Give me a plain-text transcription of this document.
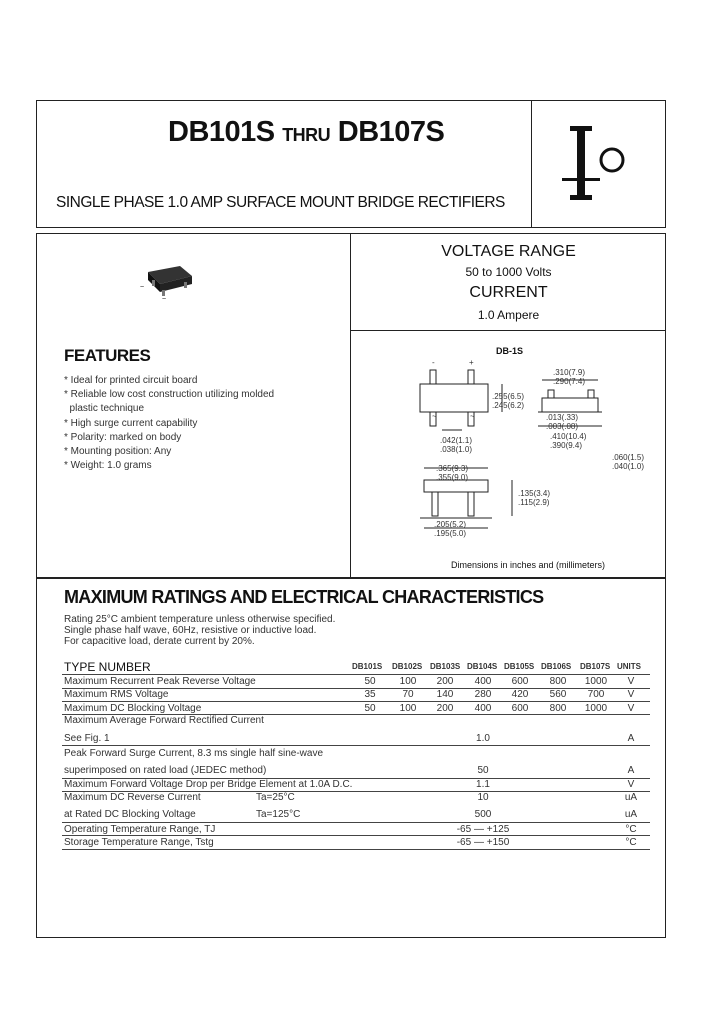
DB101S THRU DB107S
SINGLE PHASE 1.0 AMP SURFACE MOUNT BRIDGE RECTIFIERS
VOLTAGE RANGE
50 to 1000 Volts
CURRENT
1.0 Ampere
~
~
FEATURES
* Ideal for printed circuit board
* Reliable low cost construction utilizing molded
plastic technique
* High surge current capability
* Polarity: marked on body
* Mounting position: Any
* Weight: 1.0 grams
DB-1S
+
-
~	~
.310(7.9)
.290(7.4)
.255(6.5)
.245(6.2)
.013(.33)
.003(.08)
.410(10.4)
.390(9.4)
.042(1.1)
.038(1.0)
.060(1.5)
.040(1.0)
.365(9.3)
.355(9.0)
.135(3.4)
.115(2.9)
.205(5.2)
.195(5.0)
Dimensions in inches and (millimeters)
MAXIMUM RATINGS AND ELECTRICAL CHARACTERISTICS
Rating 25°C ambient temperature unless otherwise specified.
Single phase half wave, 60Hz, resistive or inductive load.
For capacitive load, derate current by 20%.
TYPE NUMBER	DB101S DB102S DB103S DB104S DB105S DB106S DB107S UNITS
Maximum Recurrent Peak Reverse Voltage	50	100	200	400	600	800	1000	V
Maximum RMS Voltage	35	70	140	280	420	560	700	V
Maximum DC Blocking Voltage	50	100	200	400	600	800	1000	V
Maximum Average Forward Rectified Current
See Fig. 1	1.0	A
Peak Forward Surge Current, 8.3 ms single half sine-wave
superimposed on rated load (JEDEC method)	50	A
Maximum Forward Voltage Drop per Bridge Element at 1.0A D.C.	1.1	V
Maximum DC Reverse Current	Ta=25°C	10	uA
at Rated DC Blocking Voltage	Ta=125°C	500	uA
Operating Temperature Range, TJ	-65 — +125	°C
Storage Temperature Range, Tstg	-65 — +150	°C
